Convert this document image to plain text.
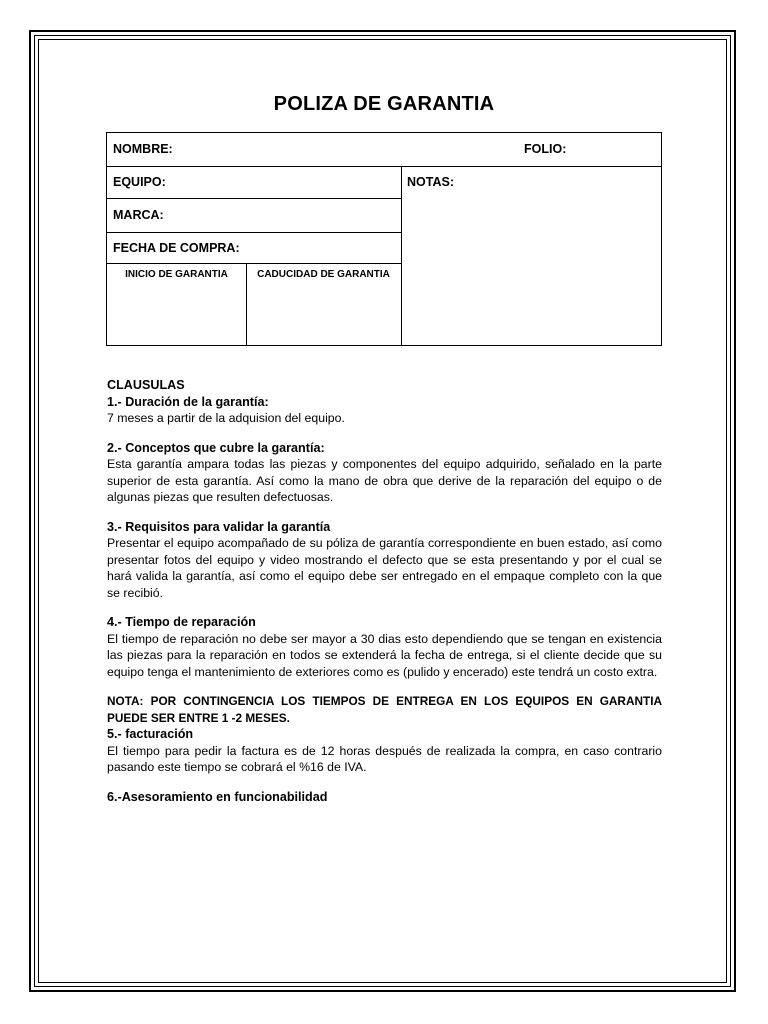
POLIZA DE GARANTIA
NOMBRE:	FOLIO:
EQUIPO:	NOTAS:
MARCA:
FECHA DE COMPRA:
INICIO DE GARANTIA	CADUCIDAD DE GARANTIA

CLAUSULAS

1.- Duración de la garantía:

7 meses a partir de la adquision del equipo.

2.- Conceptos que cubre la garantía:

Esta garantía ampara todas las piezas y componentes del equipo adquirido, señalado en la parte superior de esta garantía. Así como la mano de obra que derive de la reparación del equipo o de algunas piezas que resulten defectuosas.

3.- Requisitos para validar la garantía

Presentar el equipo acompañado de su póliza de garantía correspondiente en buen estado, así como presentar fotos del equipo y video mostrando el defecto que se esta presentando y por el cual se hará valida la garantía, así como el equipo debe ser entregado en el empaque completo con la que se recibió.

4.- Tiempo de reparación

El tiempo de reparación no debe ser mayor a 30 dias esto dependiendo que se tengan en existencia las piezas para la reparación en todos se extenderá la fecha de entrega, si el cliente decide que su equipo tenga el mantenimiento de exteriores como es (pulido y encerado) este tendrá un costo extra.

NOTA: POR CONTINGENCIA LOS TIEMPOS DE ENTREGA EN LOS EQUIPOS EN GARANTIA PUEDE SER ENTRE 1 -2 MESES.

5.- facturación

El tiempo para pedir la factura es de 12 horas después de realizada la compra, en caso contrario pasando este tiempo se cobrará el %16 de IVA.

6.-Asesoramiento en funcionabilidad
